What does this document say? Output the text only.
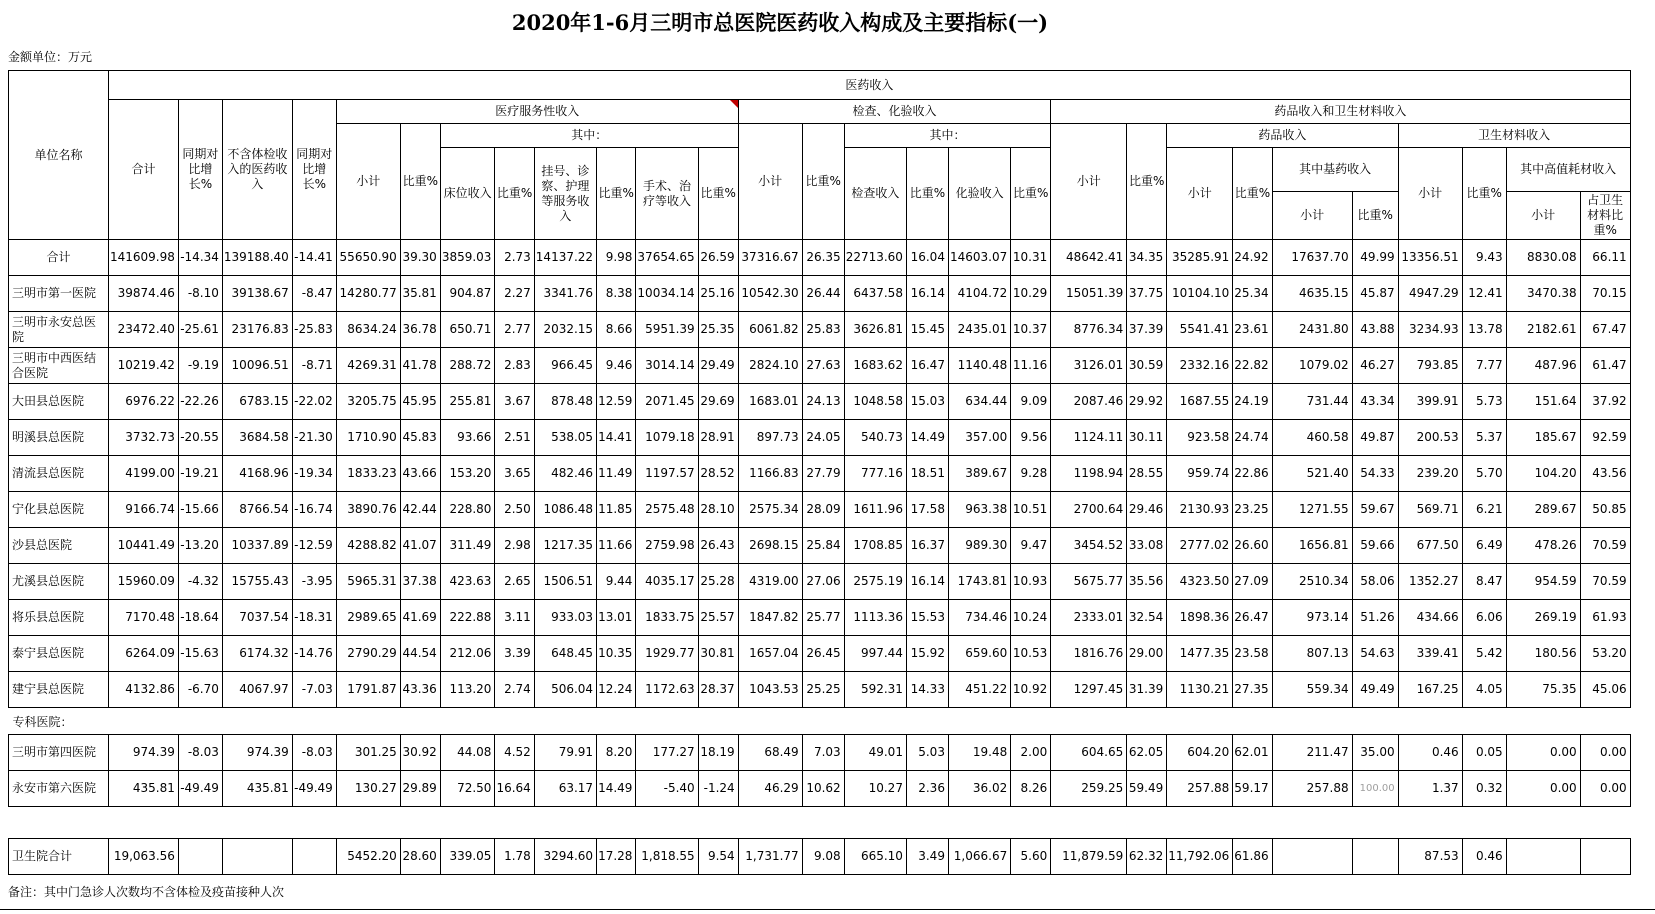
2020年1-6月三明市总医院医药收入构成及主要指标(一)
金额单位：万元
单位名称	医药收入																											
	合计	同期对比增长%	不含体检收入的医药收入	同期对比增长%	医疗服务性收入								检查、化验收入						药品收入和卫生材料收入									
					小计	比重%	其中：						小计	比重%	其中：				小计	比重%	药品收入				卫生材料收入			
							床位收入	比重%	挂号、诊察、护理等服务收入	比重%	手术、治疗等收入	比重%			检查收入	比重%	化验收入	比重%			小计	比重%	其中基药收入		小计	比重%	其中高值耗材收入	
																							小计	比重%			小计	占卫生材料比重%
合计	141609.98	-14.34	139188.40	-14.41	55650.90	39.30	3859.03	2.73	14137.22	9.98	37654.65	26.59	37316.67	26.35	22713.60	16.04	14603.07	10.31	48642.41	34.35	35285.91	24.92	17637.70	49.99	13356.51	9.43	8830.08	66.11
三明市第一医院	39874.46	-8.10	39138.67	-8.47	14280.77	35.81	904.87	2.27	3341.76	8.38	10034.14	25.16	10542.30	26.44	6437.58	16.14	4104.72	10.29	15051.39	37.75	10104.10	25.34	4635.15	45.87	4947.29	12.41	3470.38	70.15
三明市永安总医院	23472.40	-25.61	23176.83	-25.83	8634.24	36.78	650.71	2.77	2032.15	8.66	5951.39	25.35	6061.82	25.83	3626.81	15.45	2435.01	10.37	8776.34	37.39	5541.41	23.61	2431.80	43.88	3234.93	13.78	2182.61	67.47
三明市中西医结合医院	10219.42	-9.19	10096.51	-8.71	4269.31	41.78	288.72	2.83	966.45	9.46	3014.14	29.49	2824.10	27.63	1683.62	16.47	1140.48	11.16	3126.01	30.59	2332.16	22.82	1079.02	46.27	793.85	7.77	487.96	61.47
大田县总医院	6976.22	-22.26	6783.15	-22.02	3205.75	45.95	255.81	3.67	878.48	12.59	2071.45	29.69	1683.01	24.13	1048.58	15.03	634.44	9.09	2087.46	29.92	1687.55	24.19	731.44	43.34	399.91	5.73	151.64	37.92
明溪县总医院	3732.73	-20.55	3684.58	-21.30	1710.90	45.83	93.66	2.51	538.05	14.41	1079.18	28.91	897.73	24.05	540.73	14.49	357.00	9.56	1124.11	30.11	923.58	24.74	460.58	49.87	200.53	5.37	185.67	92.59
清流县总医院	4199.00	-19.21	4168.96	-19.34	1833.23	43.66	153.20	3.65	482.46	11.49	1197.57	28.52	1166.83	27.79	777.16	18.51	389.67	9.28	1198.94	28.55	959.74	22.86	521.40	54.33	239.20	5.70	104.20	43.56
宁化县总医院	9166.74	-15.66	8766.54	-16.74	3890.76	42.44	228.80	2.50	1086.48	11.85	2575.48	28.10	2575.34	28.09	1611.96	17.58	963.38	10.51	2700.64	29.46	2130.93	23.25	1271.55	59.67	569.71	6.21	289.67	50.85
沙县总医院	10441.49	-13.20	10337.89	-12.59	4288.82	41.07	311.49	2.98	1217.35	11.66	2759.98	26.43	2698.15	25.84	1708.85	16.37	989.30	9.47	3454.52	33.08	2777.02	26.60	1656.81	59.66	677.50	6.49	478.26	70.59
尤溪县总医院	15960.09	-4.32	15755.43	-3.95	5965.31	37.38	423.63	2.65	1506.51	9.44	4035.17	25.28	4319.00	27.06	2575.19	16.14	1743.81	10.93	5675.77	35.56	4323.50	27.09	2510.34	58.06	1352.27	8.47	954.59	70.59
将乐县总医院	7170.48	-18.64	7037.54	-18.31	2989.65	41.69	222.88	3.11	933.03	13.01	1833.75	25.57	1847.82	25.77	1113.36	15.53	734.46	10.24	2333.01	32.54	1898.36	26.47	973.14	51.26	434.66	6.06	269.19	61.93
泰宁县总医院	6264.09	-15.63	6174.32	-14.76	2790.29	44.54	212.06	3.39	648.45	10.35	1929.77	30.81	1657.04	26.45	997.44	15.92	659.60	10.53	1816.76	29.00	1477.35	23.58	807.13	54.63	339.41	5.42	180.56	53.20
建宁县总医院	4132.86	-6.70	4067.97	-7.03	1791.87	43.36	113.20	2.74	506.04	12.24	1172.63	28.37	1043.53	25.25	592.31	14.33	451.22	10.92	1297.45	31.39	1130.21	27.35	559.34	49.49	167.25	4.05	75.35	45.06
专科医院：																												
三明市第四医院	974.39	-8.03	974.39	-8.03	301.25	30.92	44.08	4.52	79.91	8.20	177.27	18.19	68.49	7.03	49.01	5.03	19.48	2.00	604.65	62.05	604.20	62.01	211.47	35.00	0.46	0.05	0.00	0.00
永安市第六医院	435.81	-49.49	435.81	-49.49	130.27	29.89	72.50	16.64	63.17	14.49	-5.40	-1.24	46.29	10.62	10.27	2.36	36.02	8.26	259.25	59.49	257.88	59.17	257.88	100.00	1.37	0.32	0.00	0.00

卫生院合计	19,063.56				5452.20	28.60	339.05	1.78	3294.60	17.28	1,818.55	9.54	1,731.77	9.08	665.10	3.49	1,066.67	5.60	11,879.59	62.32	11,792.06	61.86			87.53	0.46		
备注：其中门急诊人次数均不含体检及疫苗接种人次
